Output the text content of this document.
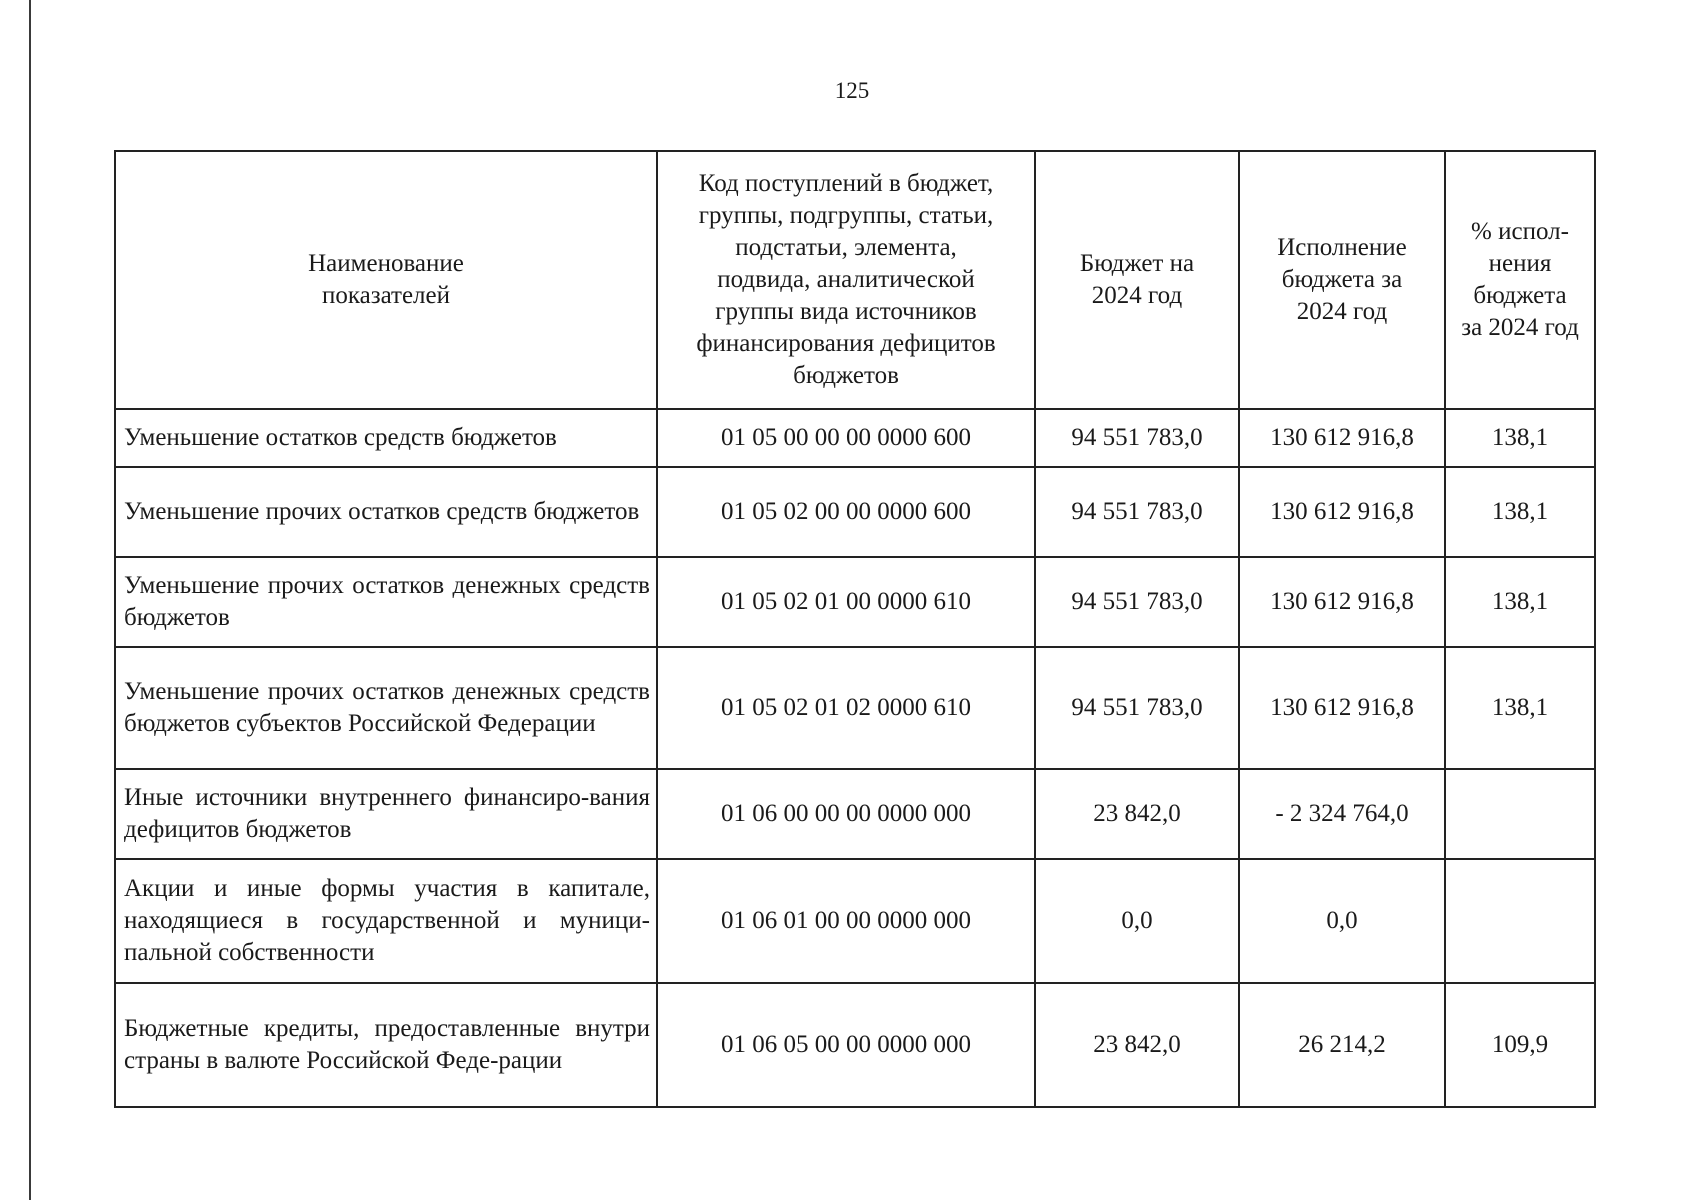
125
Наименование показателей	Код поступлений в бюджет, группы, подгруппы, статьи, подстатьи, элемента, подвида, аналитической группы вида источников финансирования дефицитов бюджетов	Бюджет на 2024 год	Исполнение бюджета за 2024 год	% испол-нения бюджета за 2024 год
Уменьшение остатков средств бюджетов	01 05 00 00 00 0000 600	94 551 783,0	130 612 916,8	138,1
Уменьшение прочих остатков средств бюджетов	01 05 02 00 00 0000 600	94 551 783,0	130 612 916,8	138,1
Уменьшение прочих остатков денежных средств бюджетов	01 05 02 01 00 0000 610	94 551 783,0	130 612 916,8	138,1
Уменьшение прочих остатков денежных средств бюджетов субъектов Российской Федерации	01 05 02 01 02 0000 610	94 551 783,0	130 612 916,8	138,1
Иные источники внутреннего финансиро-вания дефицитов бюджетов	01 06 00 00 00 0000 000	23 842,0	- 2 324 764,0	
Акции и иные формы участия в капитале, находящиеся в государственной и муници-пальной собственности	01 06 01 00 00 0000 000	0,0	0,0	
Бюджетные кредиты, предоставленные внутри страны в валюте Российской Феде-рации	01 06 05 00 00 0000 000	23 842,0	26 214,2	109,9
